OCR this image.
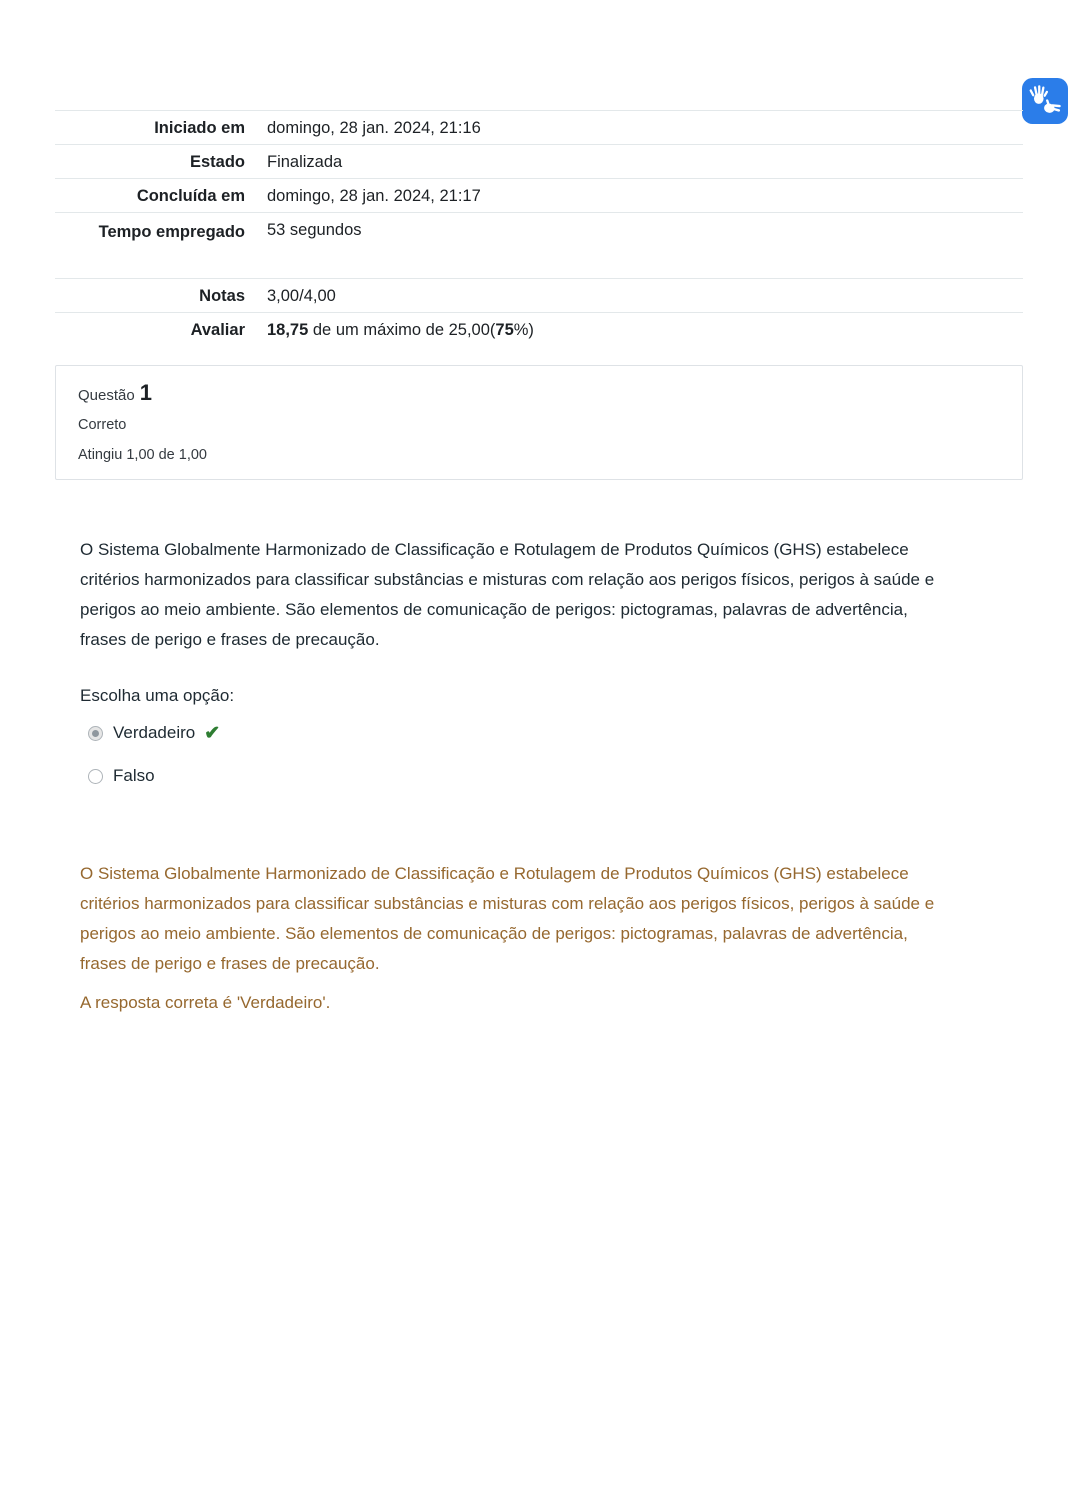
Iniciado em	domingo, 28 jan. 2024, 21:16
Estado	Finalizada
Concluída em	domingo, 28 jan. 2024, 21:17
Tempo empregado	53 segundos
Notas	3,00/4,00
Avaliar	18,75 de um máximo de 25,00(75%)
Questão 1
Correto
Atingiu 1,00 de 1,00
O Sistema Globalmente Harmonizado de Classificação e Rotulagem de Produtos Químicos (GHS) estabelece critérios harmonizados para classificar substâncias e misturas com relação aos perigos físicos, perigos à saúde e perigos ao meio ambiente. São elementos de comunicação de perigos: pictogramas, palavras de advertência, frases de perigo e frases de precaução.
Escolha uma opção:
Verdadeiro ✔
Falso
O Sistema Globalmente Harmonizado de Classificação e Rotulagem de Produtos Químicos (GHS) estabelece critérios harmonizados para classificar substâncias e misturas com relação aos perigos físicos, perigos à saúde e perigos ao meio ambiente. São elementos de comunicação de perigos: pictogramas, palavras de advertência, frases de perigo e frases de precaução.
A resposta correta é 'Verdadeiro'.
